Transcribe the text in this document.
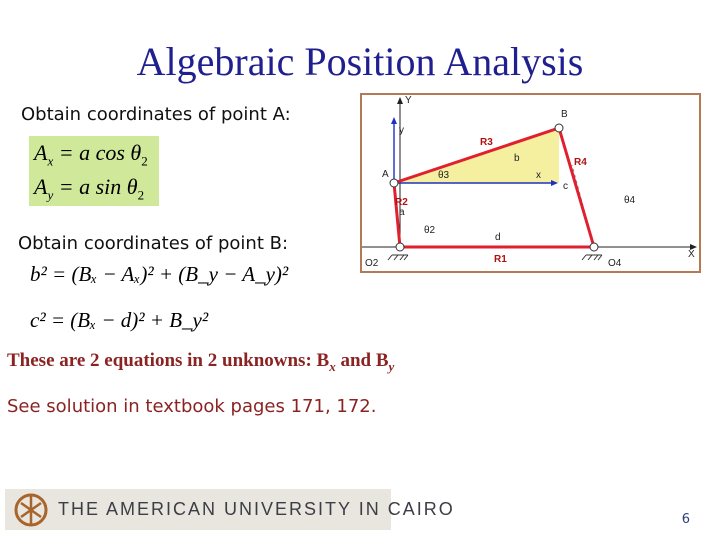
Algebraic Position Analysis
Obtain coordinates of point A:
$A_x = a$ $\cos \theta_2$
$A_y = a$ $\sin \theta_2$
Obtain coordinates of point B:
b² = (Bₓ − Aₓ)² + (B_y − A_y)²
c² = (Bₓ − d)² + B_y²
These are 2 equations in 2 unknowns: $B_x$ and $B_y$
See solution in textbook pages 171, 172.
Y
y
B
R3
b	R4
A	θ3	x
c
θ4
a
R2
θ2
d
O2	R1	O4
X
THE AMERICAN UNIVERSITY IN CAIRO
6
